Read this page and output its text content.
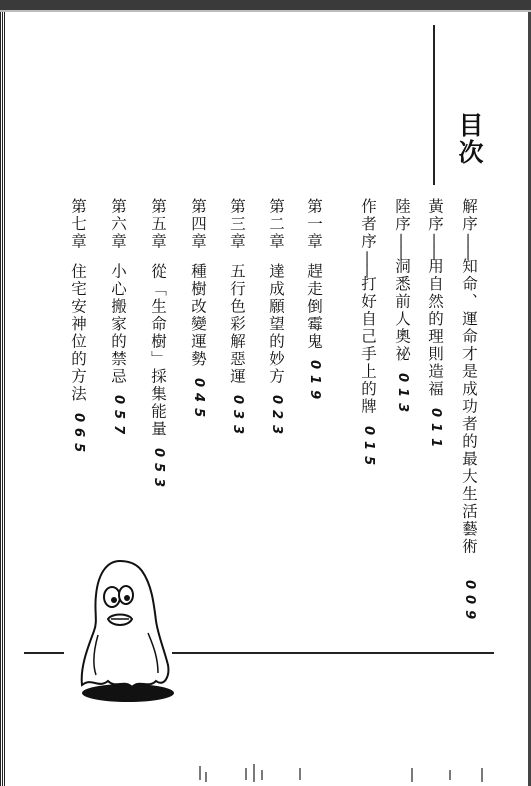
目次
解序——知命、運命才是成功者的最大生活藝術009
黃序——用自然的理則造福011
陸序——洞悉前人奧祕013
作者序——打好自己手上的牌015
第一章趕走倒霉鬼019
第二章達成願望的妙方023
第三章五行色彩解惡運033
第四章種樹改變運勢045
第五章從「生命樹」採集能量053
第六章小心搬家的禁忌057
第七章住宅安神位的方法065
